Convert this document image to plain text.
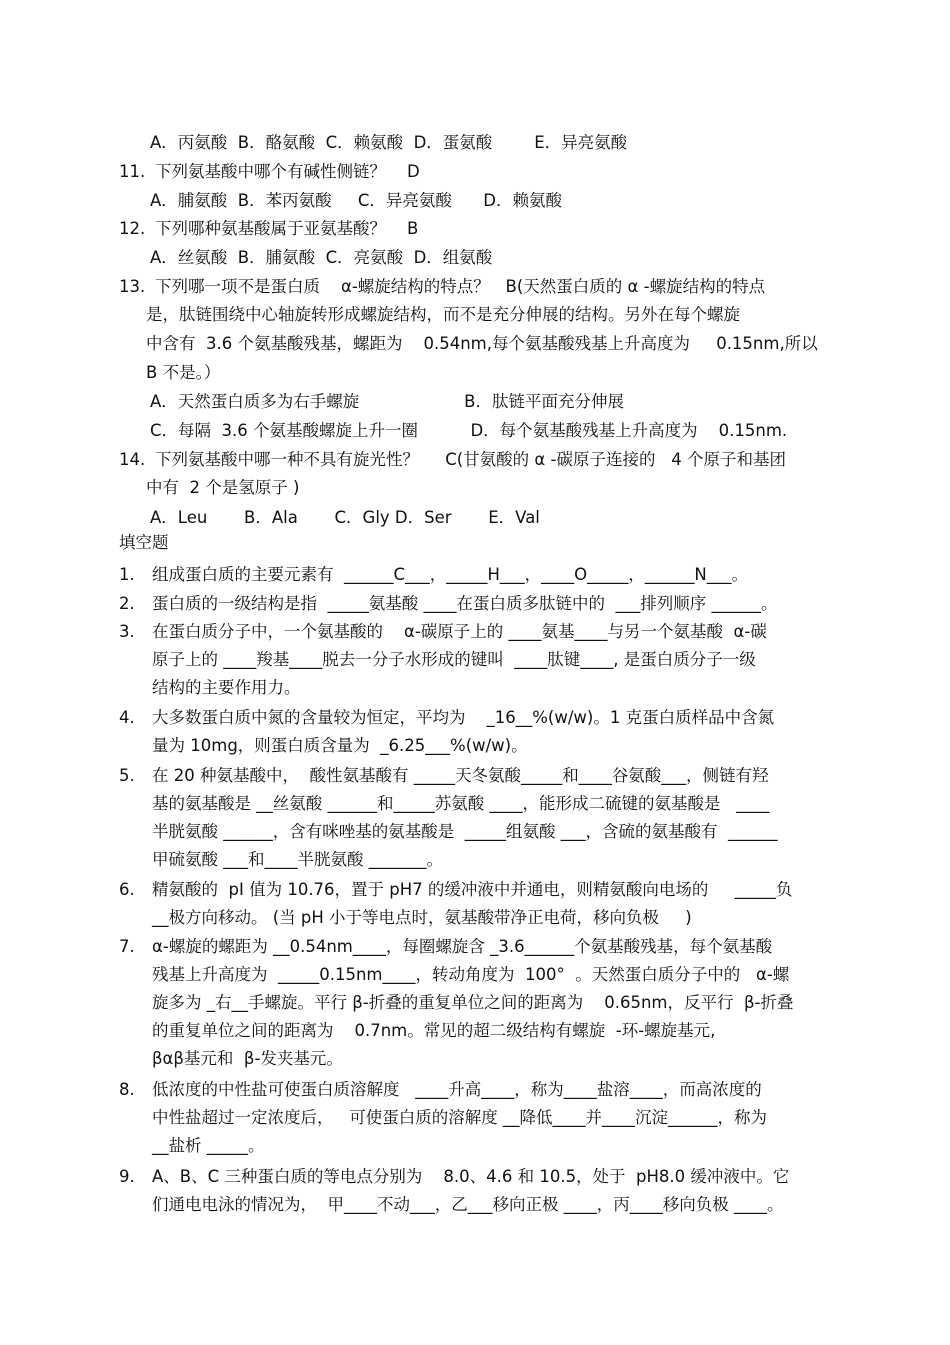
A．丙氨酸  B．酪氨酸  C．赖氨酸  D．蛋氨酸        E．异亮氨酸
11. 下列氨基酸中哪个有碱性侧链？    D
A．脯氨酸  B．苯丙氨酸     C．异亮氨酸      D．赖氨酸
12. 下列哪种氨基酸属于亚氨基酸？    B
A．丝氨酸  B．脯氨酸  C．亮氨酸  D．组氨酸
13. 下列哪一项不是蛋白质    α-螺旋结构的特点？   B(天然蛋白质的 α -螺旋结构的特点
是，肽链围绕中心轴旋转形成螺旋结构，而不是充分伸展的结构。另外在每个螺旋
中含有  3.6 个氨基酸残基，螺距为    0.54nm,每个氨基酸残基上升高度为     0.15nm,所以
B 不是。）
A．天然蛋白质多为右手螺旋                    B．肽链平面充分伸展
C．每隔  3.6 个氨基酸螺旋上升一圈          D．每个氨基酸残基上升高度为    0.15nm.
14. 下列氨基酸中哪一种不具有旋光性？     C(甘氨酸的 α -碳原子连接的   4 个原子和基团
中有  2 个是氢原子 )
A．Leu       B．Ala       C．Gly D．Ser       E．Val
填空题
1. 组成蛋白质的主要元素有  ______C___，_____H___，____O_____，______N___。
2. 蛋白质的一级结构是指  _____氨基酸 ____在蛋白质多肽链中的  ___排列顺序 ______。
3. 在蛋白质分子中，一个氨基酸的    α-碳原子上的 ____氨基____与另一个氨基酸  α-碳
原子上的 ____羧基____脱去一分子水形成的键叫  ____肽键____, 是蛋白质分子一级
结构的主要作用力。
4. 大多数蛋白质中氮的含量较为恒定，平均为    _16__%(w/w)。1 克蛋白质样品中含氮
量为 10mg，则蛋白质含量为  _6.25___%(w/w)。
5. 在 20 种氨基酸中，  酸性氨基酸有 _____天冬氨酸_____和____谷氨酸___，侧链有羟
基的氨基酸是 __丝氨酸 ______和_____苏氨酸 ____，能形成二硫键的氨基酸是   ____
半胱氨酸 ______，含有咪唑基的氨基酸是  _____组氨酸 ___，含硫的氨基酸有  ______
甲硫氨酸 ___和____半胱氨酸 _______。
6. 精氨酸的  pI 值为 10.76，置于 pH7 的缓冲液中并通电，则精氨酸向电场的     _____负
__极方向移动。 (当 pH 小于等电点时，氨基酸带净正电荷，移向负极     )
7. α-螺旋的螺距为 __0.54nm____，每圈螺旋含 _3.6______个氨基酸残基，每个氨基酸
残基上升高度为  _____0.15nm____，转动角度为  100°  。天然蛋白质分子中的   α-螺
旋多为 _右__手螺旋。平行 β-折叠的重复单位之间的距离为    0.65nm，反平行  β-折叠
的重复单位之间的距离为    0.7nm。常见的超二级结构有螺旋  -环-螺旋基元,
βαβ基元和  β-发夹基元。
8. 低浓度的中性盐可使蛋白质溶解度   ____升高____，称为____盐溶____，而高浓度的
中性盐超过一定浓度后，   可使蛋白质的溶解度 __降低____并____沉淀______，称为
__盐析 _____。
9. A、B、C 三种蛋白质的等电点分别为    8.0、4.6 和 10.5，处于  pH8.0 缓冲液中。它
们通电电泳的情况为，  甲____不动___，乙___移向正极 ____，丙____移向负极 ____。
